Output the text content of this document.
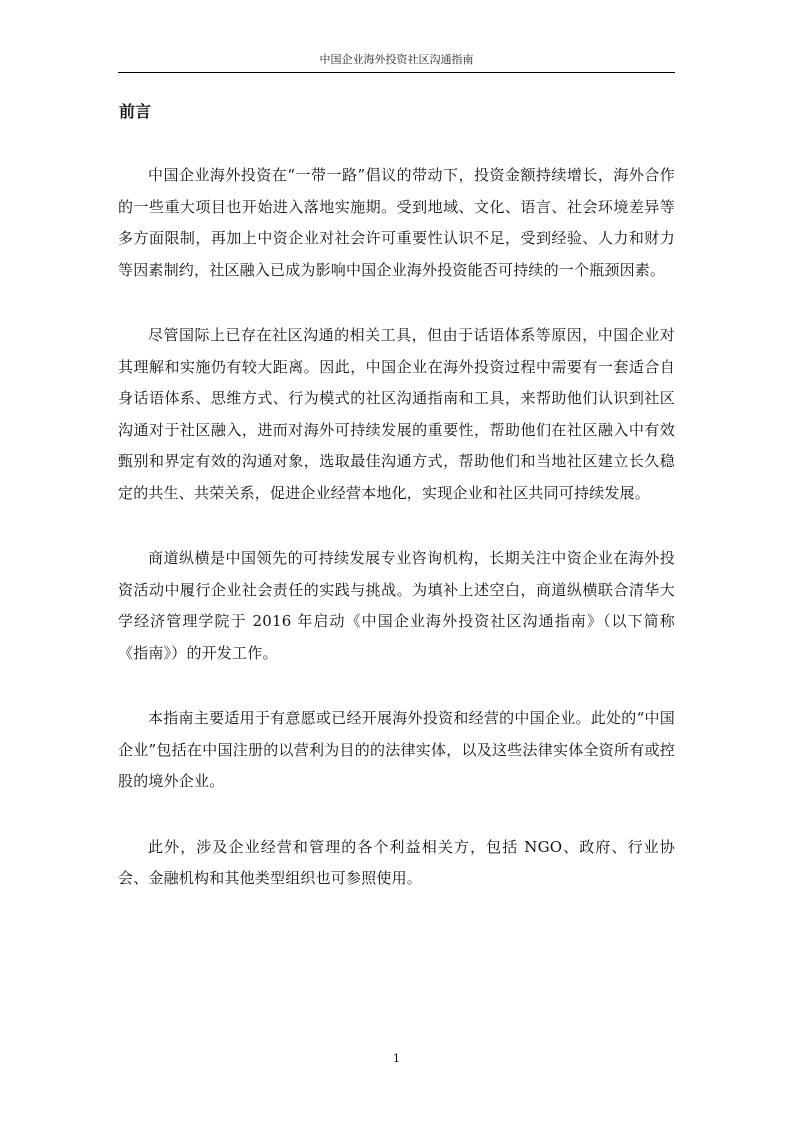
中国企业海外投资社区沟通指南
前言

中国企业海外投资在“一带一路”倡议的带动下，投资金额持续增长，海外合作的一些重大项目也开始进入落地实施期。受到地域、文化、语言、社会环境差异等多方面限制，再加上中资企业对社会许可重要性认识不足，受到经验、人力和财力等因素制约，社区融入已成为影响中国企业海外投资能否可持续的一个瓶颈因素。

尽管国际上已存在社区沟通的相关工具，但由于话语体系等原因，中国企业对其理解和实施仍有较大距离。因此，中国企业在海外投资过程中需要有一套适合自身话语体系、思维方式、行为模式的社区沟通指南和工具，来帮助他们认识到社区沟通对于社区融入，进而对海外可持续发展的重要性，帮助他们在社区融入中有效甄别和界定有效的沟通对象，选取最佳沟通方式，帮助他们和当地社区建立长久稳定的共生、共荣关系，促进企业经营本地化，实现企业和社区共同可持续发展。

商道纵横是中国领先的可持续发展专业咨询机构，长期关注中资企业在海外投资活动中履行企业社会责任的实践与挑战。为填补上述空白，商道纵横联合清华大学经济管理学院于 2016 年启动《中国企业海外投资社区沟通指南》（以下简称《指南》）的开发工作。

本指南主要适用于有意愿或已经开展海外投资和经营的中国企业。此处的“中国企业”包括在中国注册的以营利为目的的法律实体，以及这些法律实体全资所有或控股的境外企业。

此外，涉及企业经营和管理的各个利益相关方，包括 NGO、政府、行业协会、金融机构和其他类型组织也可参照使用。

1
